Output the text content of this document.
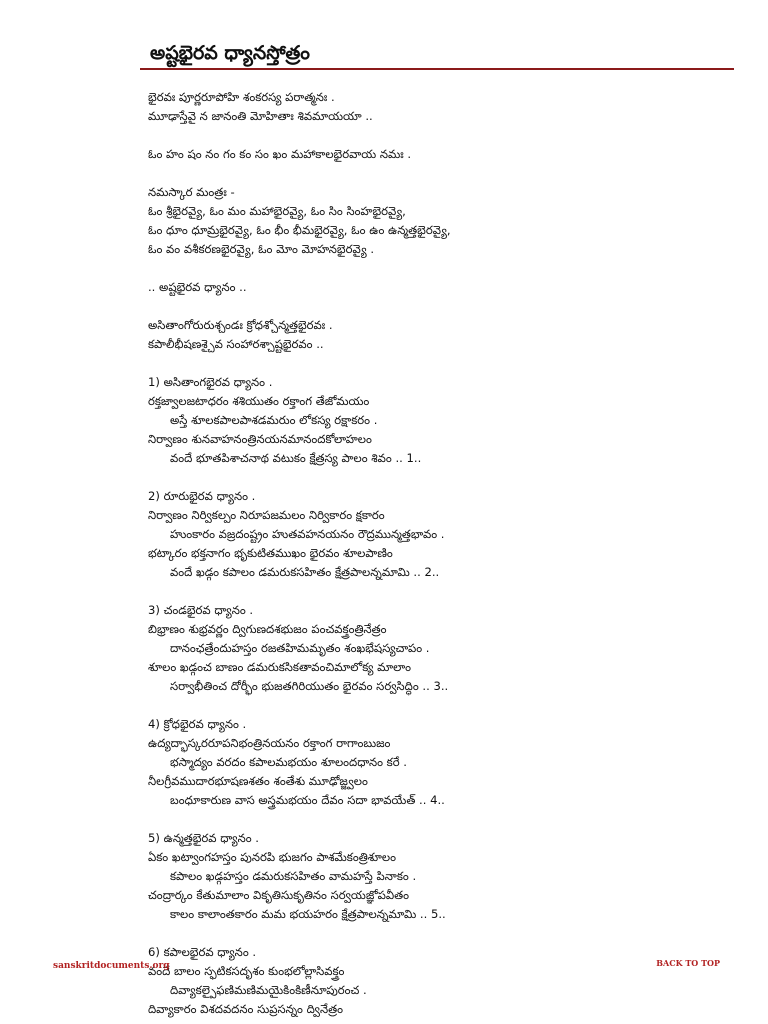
అష్టభైరవ ధ్యానస్తోత్రం
భైరవః పూర్ణరూపోహి శంకరస్య పరాత్మనః .
మూఢాస్తేవై న జానంతి మోహితాః శివమాయయా ..
ఓం హం షం నం గం కం సం ఖం మహాకాలభైరవాయ నమః .
నమస్కార మంత్రః -
ఓం శ్రీభైరవ్యై, ఓం మం మహాభైరవ్యై, ఓం సిం సింహభైరవ్యై,
ఓం ధూం ధూమ్రభైరవ్యై, ఓం భీం భీమభైరవ్యై, ఓం ఉం ఉన్మత్తభైరవ్యై,
ఓం వం వశీకరణభైరవ్యై, ఓం మోం మోహనభైరవ్యై .
.. అష్టభైరవ ధ్యానం ..
అసితాంగోరురుశ్చండః క్రోధశ్చోన్మత్తభైరవః .
కపాలీభీషణశ్చైవ సంహారశ్చాష్టభైరవం ..
1) అసితాంగభైరవ ధ్యానం .
రక్తజ్వాలజటాధరం శశియుతం రక్తాంగ తేజోమయం
అస్తే శూలకపాలపాశడమరుం లోకస్య రక్షాకరం .
నిర్వాణం శునవాహనంత్రినయనమానందకోలాహలం
వందే భూతపిశాచనాథ వటుకం క్షేత్రస్య పాలం శివం .. 1..
2) రూరుభైరవ ధ్యానం .
నిర్వాణం నిర్వికల్పం నిరూపజమలం నిర్వికారం క్షకారం
హుంకారం వజ్రదంష్ట్రం హుతవహనయనం రౌద్రమున్మత్తభావం .
భట్కారం భక్తనాగం భృకుటితముఖం భైరవం శూలపాణిం
వందే ఖడ్గం కపాలం డమరుకసహితం క్షేత్రపాలన్నమామి .. 2..
3) చండభైరవ ధ్యానం .
బిభ్రాణం శుభ్రవర్ణం ద్విగుణదశభుజం పంచవక్త్రంత్రినేత్రం
దానంఛత్రేందుహస్తం రజతహిమమృతం శంఖభేషస్యచాపం .
శూలం ఖడ్గంచ బాణం డమరుకసికతావంచిమాలోక్య మాలాం
సర్వాభీతించ దోర్భీం భుజతగిరియుతం భైరవం సర్వసిద్ధిం .. 3..
4) క్రోధభైరవ ధ్యానం .
ఉద్యద్భాస్కరరూపనిభంత్రినయనం రక్తాంగ రాగాంబుజం
భస్మాద్యం వరదం కపాలమభయం శూలందధానం కరే .
నీలగ్రీవముదారభూషణశతం శంతేశు మూఢోజ్జ్వలం
బంధూకారుణ వాస అస్త్రమభయం దేవం సదా భావయేత్ .. 4..
5) ఉన్మత్తభైరవ ధ్యానం .
ఏకం ఖట్వాంగహస్తం పునరపి భుజగం పాశమేకంత్రిశూలం
కపాలం ఖడ్గహస్తం డమరుకసహితం వామహస్తే పినాకం .
చంద్రార్కం కేతుమాలాం వికృతిసుకృతినం సర్వయజ్ఞోపవీతం
కాలం కాలాంతకారం మమ భయహరం క్షేత్రపాలన్నమామి .. 5..
6) కపాలభైరవ ధ్యానం .
వందే బాలం స్ఫటికసదృశం కుంభలోల్లాసివక్త్రం
దివ్యాకల్పైఫణిమణిమయైకింకిణీనూపురంచ .
దివ్యాకారం విశదవదనం సుప్రసన్నం ద్వినేత్రం
sanskritdocuments.org	BACK TO TOP
